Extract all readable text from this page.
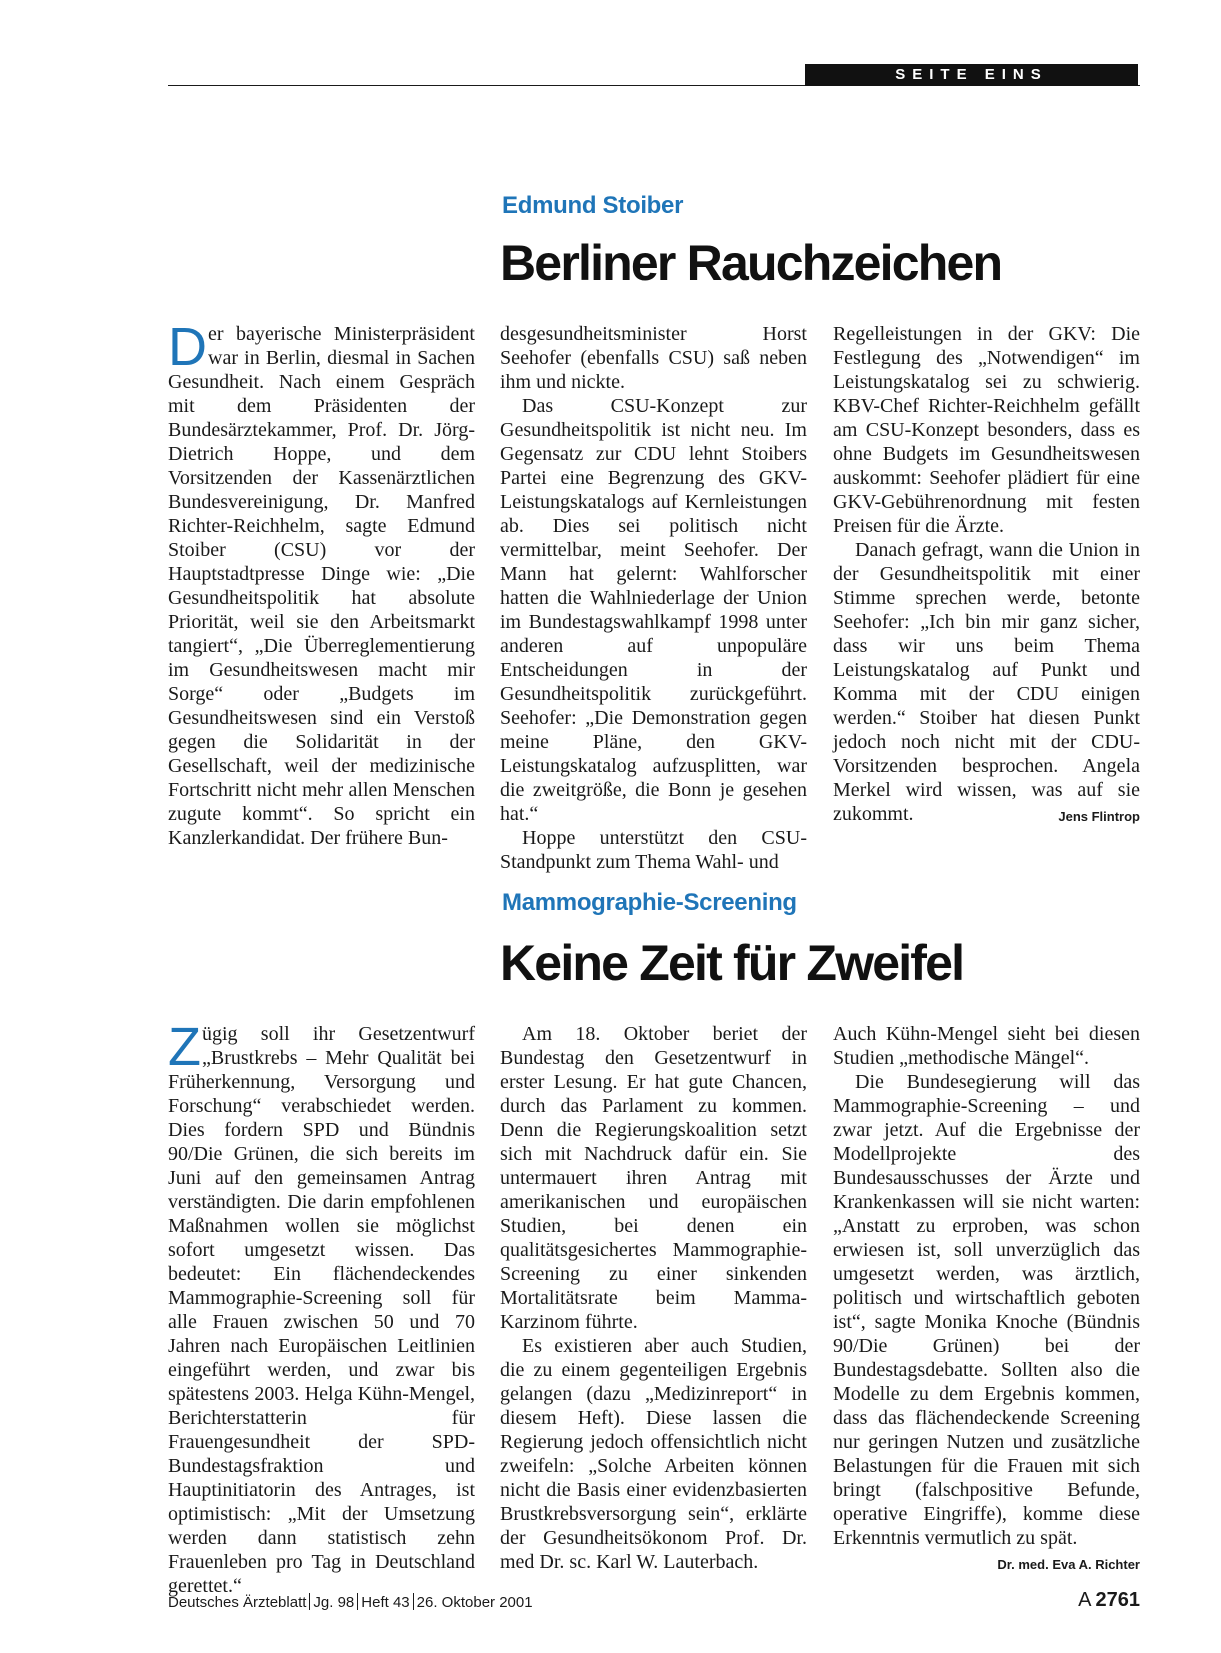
SEITE EINS
Edmund Stoiber
Berliner Rauchzeichen

Der bayerische Ministerpräsident war in Berlin, diesmal in Sachen Gesundheit. Nach einem Gespräch mit dem Präsidenten der Bundesärztekammer, Prof. Dr. Jörg-Dietrich Hoppe, und dem Vorsitzenden der Kassenärztlichen Bundesvereinigung, Dr. Manfred Richter-Reichhelm, sagte Edmund Stoiber (CSU) vor der Hauptstadtpresse Dinge wie: „Die Gesundheitspolitik hat absolute Priorität, weil sie den Arbeitsmarkt tangiert“, „Die Überreglementierung im Gesundheitswesen macht mir Sorge“ oder „Budgets im Gesundheitswesen sind ein Verstoß gegen die Solidarität in der Gesellschaft, weil der medizinische Fortschritt nicht mehr allen Menschen zugute kommt“. So spricht ein Kanzlerkandidat. Der frühere Bun-

desgesundheitsminister Horst Seehofer (ebenfalls CSU) saß neben ihm und nickte.

Das CSU-Konzept zur Gesundheitspolitik ist nicht neu. Im Gegensatz zur CDU lehnt Stoibers Partei eine Begrenzung des GKV-Leistungskatalogs auf Kernleistungen ab. Dies sei politisch nicht vermittelbar, meint Seehofer. Der Mann hat gelernt: Wahlforscher hatten die Wahlniederlage der Union im Bundestagswahlkampf 1998 unter anderen auf unpopuläre Entscheidungen in der Gesundheitspolitik zurückgeführt. Seehofer: „Die Demonstration gegen meine Pläne, den GKV-Leistungskatalog aufzusplitten, war die zweitgröße, die Bonn je gesehen hat.“

Hoppe unterstützt den CSU-Standpunkt zum Thema Wahl- und

Regelleistungen in der GKV: Die Festlegung des „Notwendigen“ im Leistungskatalog sei zu schwierig. KBV-Chef Richter-Reichhelm gefällt am CSU-Konzept besonders, dass es ohne Budgets im Gesundheitswesen auskommt: Seehofer plädiert für eine GKV-Gebührenordnung mit festen Preisen für die Ärzte.

Danach gefragt, wann die Union in der Gesundheitspolitik mit einer Stimme sprechen werde, betonte Seehofer: „Ich bin mir ganz sicher, dass wir uns beim Thema Leistungskatalog auf Punkt und Komma mit der CDU einigen werden.“ Stoiber hat diesen Punkt jedoch noch nicht mit der CDU-Vorsitzenden besprochen. Angela Merkel wird wissen, was auf sie zukommt.	Jens Flintrop

Mammographie-Screening
Keine Zeit für Zweifel

Zügig soll ihr Gesetzentwurf „Brustkrebs – Mehr Qualität bei Früherkennung, Versorgung und Forschung“ verabschiedet werden. Dies fordern SPD und Bündnis 90/Die Grünen, die sich bereits im Juni auf den gemeinsamen Antrag verständigten. Die darin empfohlenen Maßnahmen wollen sie möglichst sofort umgesetzt wissen. Das bedeutet: Ein flächendeckendes Mammographie-Screening soll für alle Frauen zwischen 50 und 70 Jahren nach Europäischen Leitlinien eingeführt werden, und zwar bis spätestens 2003. Helga Kühn-Mengel, Berichterstatterin für Frauengesundheit der SPD-Bundestagsfraktion und Hauptinitiatorin des Antrages, ist optimistisch: „Mit der Umsetzung werden dann statistisch zehn Frauenleben pro Tag in Deutschland gerettet.“

Am 18. Oktober beriet der Bundestag den Gesetzentwurf in erster Lesung. Er hat gute Chancen, durch das Parlament zu kommen. Denn die Regierungskoalition setzt sich mit Nachdruck dafür ein. Sie untermauert ihren Antrag mit amerikanischen und europäischen Studien, bei denen ein qualitätsgesichertes Mammographie-Screening zu einer sinkenden Mortalitätsrate beim Mamma-Karzinom führte.

Es existieren aber auch Studien, die zu einem gegenteiligen Ergebnis gelangen (dazu „Medizinreport“ in diesem Heft). Diese lassen die Regierung jedoch offensichtlich nicht zweifeln: „Solche Arbeiten können nicht die Basis einer evidenzbasierten Brustkrebsversorgung sein“, erklärte der Gesundheitsökonom Prof. Dr. med Dr. sc. Karl W. Lauterbach.

Auch Kühn-Mengel sieht bei diesen Studien „methodische Mängel“.

Die Bundesegierung will das Mammographie-Screening – und zwar jetzt. Auf die Ergebnisse der Modellprojekte des Bundesausschusses der Ärzte und Krankenkassen will sie nicht warten: „Anstatt zu erproben, was schon erwiesen ist, soll unverzüglich das umgesetzt werden, was ärztlich, politisch und wirtschaftlich geboten ist“, sagte Monika Knoche (Bündnis 90/Die Grünen) bei der Bundestagsdebatte. Sollten also die Modelle zu dem Ergebnis kommen, dass das flächendeckende Screening nur geringen Nutzen und zusätzliche Belastungen für die Frauen mit sich bringt (falschpositive Befunde, operative Eingriffe), komme diese Erkenntnis vermutlich zu spät.
Dr. med. Eva A. Richter

Deutsches Ärzteblatt Jg. 98 Heft 43 26. Oktober 2001	A 2761
